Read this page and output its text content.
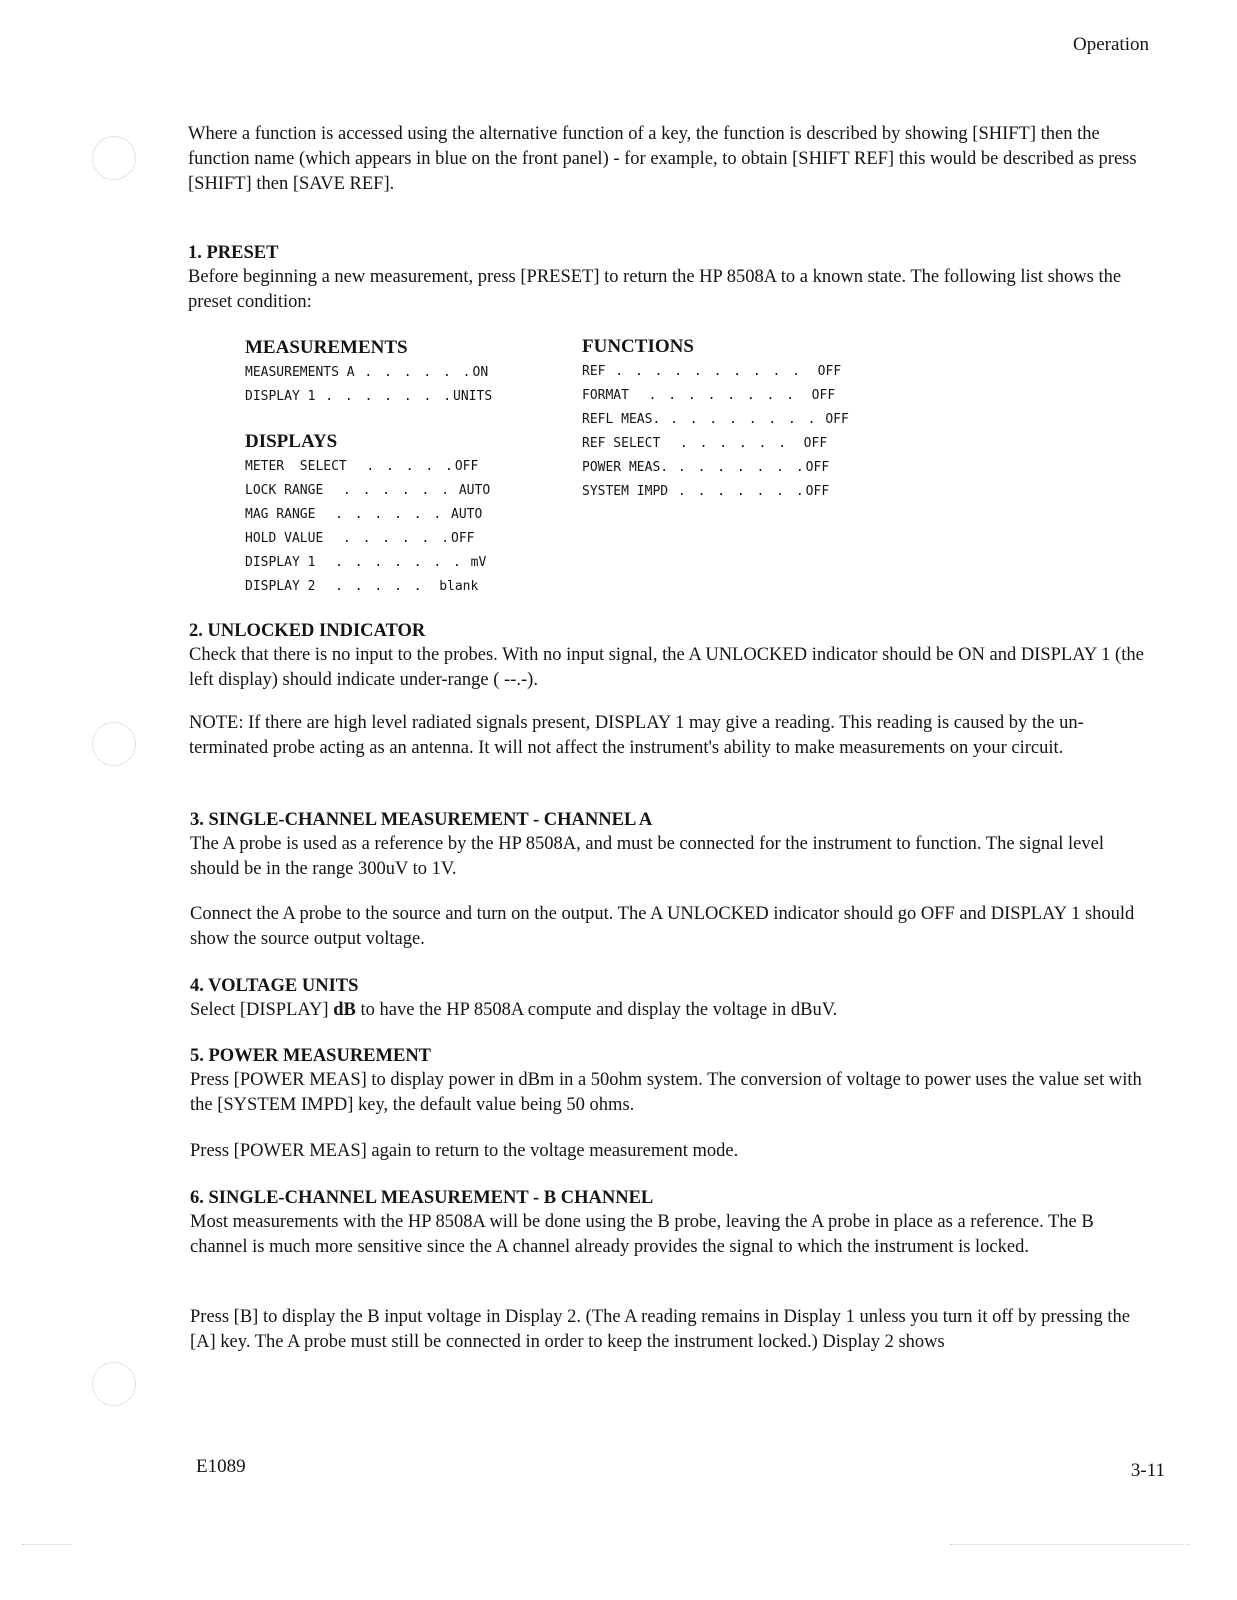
Operation

Where a function is accessed using the alternative function of a key, the function is described by showing [SHIFT] then the function name (which appears in blue on the front panel) - for example, to obtain [SHIFT REF] this would be described as press [SHIFT] then [SAVE REF].

1. PRESET

Before beginning a new measurement, press [PRESET] to return the HP 8508A to a known state. The following list shows the preset condition:

MEASUREMENTS

MEASUREMENTS A . . . . . . ON
DISPLAY 1 . . . . . . . UNITS

DISPLAYS

METER  SELECT . . . . . OFF
LOCK RANGE . . . . . . AUTO
MAG RANGE . . . . . . AUTO
HOLD VALUE . . . . . . OFF
DISPLAY 1 . . . . . . . mV
DISPLAY 2 . . . . . blank

FUNCTIONS

REF . . . . . . . . . . OFF
FORMAT . . . . . . . . OFF
REFL MEAS. . . . . . . . . OFF
REF SELECT . . . . . . OFF
POWER MEAS. . . . . . . . OFF
SYSTEM IMPD . . . . . . . OFF

2. UNLOCKED INDICATOR

Check that there is no input to the probes. With no input signal, the A UNLOCKED indicator should be ON and DISPLAY 1 (the left display) should indicate under-range ( --.-).

NOTE: If there are high level radiated signals present, DISPLAY 1 may give a reading. This reading is caused by the un-terminated probe acting as an antenna. It will not affect the instrument's ability to make measurements on your circuit.

3. SINGLE-CHANNEL MEASUREMENT - CHANNEL A

The A probe is used as a reference by the HP 8508A, and must be connected for the instrument to function. The signal level should be in the range 300uV to 1V.

Connect the A probe to the source and turn on the output. The A UNLOCKED indicator should go OFF and DISPLAY 1 should show the source output voltage.

4. VOLTAGE UNITS

Select [DISPLAY] dB to have the HP 8508A compute and display the voltage in dBuV.

5. POWER MEASUREMENT

Press [POWER MEAS] to display power in dBm in a 50ohm system. The conversion of voltage to power uses the value set with the [SYSTEM IMPD] key, the default value being 50 ohms.

Press [POWER MEAS] again to return to the voltage measurement mode.

6. SINGLE-CHANNEL MEASUREMENT - B CHANNEL

Most measurements with the HP 8508A will be done using the B probe, leaving the A probe in place as a reference. The B channel is much more sensitive since the A channel already provides the signal to which the instrument is locked.

Press [B] to display the B input voltage in Display 2. (The A reading remains in Display 1 unless you turn it off by pressing the [A] key. The A probe must still be connected in order to keep the instrument locked.) Display 2 shows

E1089	3-11
